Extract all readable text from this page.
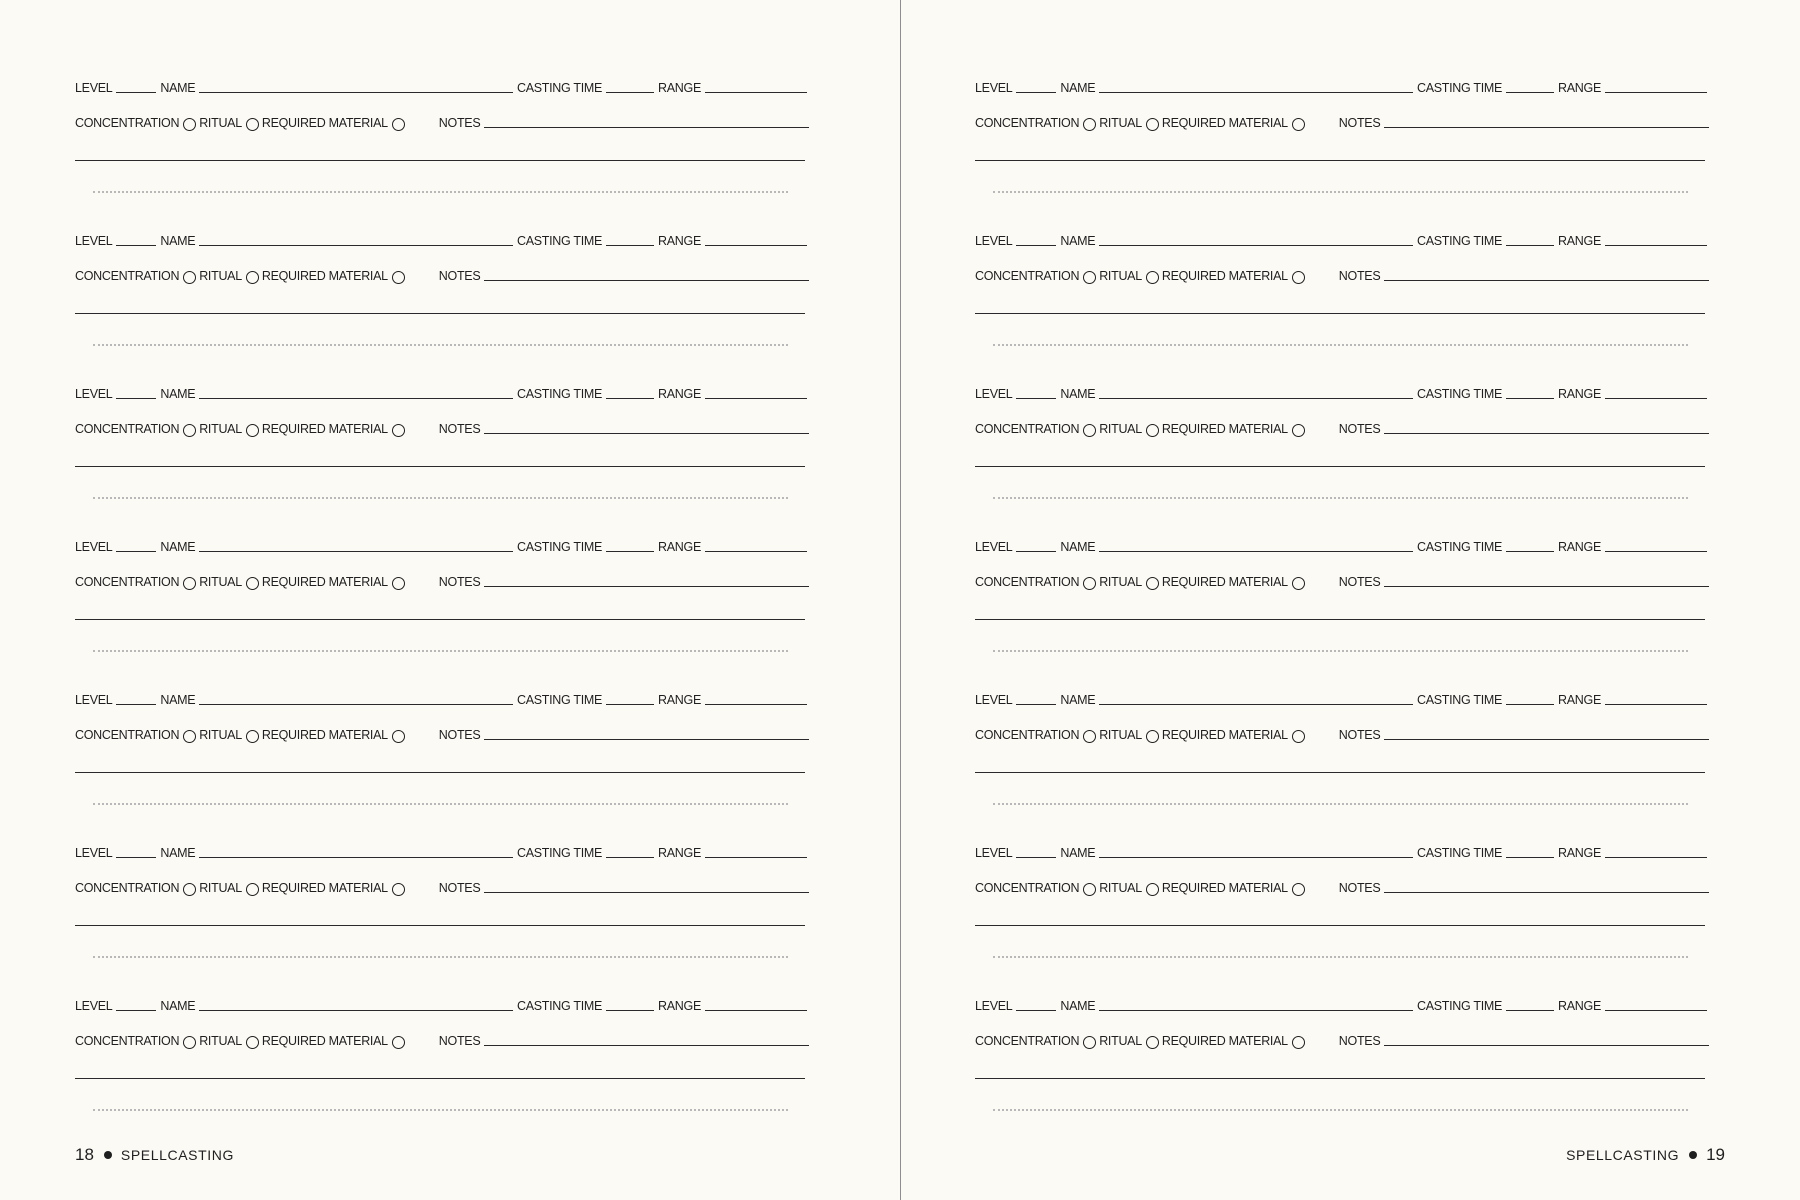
LEVEL	NAME	CASTING TIME	RANGE
CONCENTRATION RITUAL REQUIRED MATERIAL	NOTES
LEVEL	NAME	CASTING TIME	RANGE
CONCENTRATION RITUAL REQUIRED MATERIAL	NOTES
LEVEL	NAME	CASTING TIME	RANGE
CONCENTRATION RITUAL REQUIRED MATERIAL	NOTES
LEVEL	NAME	CASTING TIME	RANGE
CONCENTRATION RITUAL REQUIRED MATERIAL	NOTES
LEVEL	NAME	CASTING TIME	RANGE
CONCENTRATION RITUAL REQUIRED MATERIAL	NOTES
LEVEL	NAME	CASTING TIME	RANGE
CONCENTRATION RITUAL REQUIRED MATERIAL	NOTES
LEVEL	NAME	CASTING TIME	RANGE
CONCENTRATION RITUAL REQUIRED MATERIAL	NOTES
18 SPELLCASTING
LEVEL	NAME	CASTING TIME	RANGE
CONCENTRATION RITUAL REQUIRED MATERIAL	NOTES
LEVEL	NAME	CASTING TIME	RANGE
CONCENTRATION RITUAL REQUIRED MATERIAL	NOTES
LEVEL	NAME	CASTING TIME	RANGE
CONCENTRATION RITUAL REQUIRED MATERIAL	NOTES
LEVEL	NAME	CASTING TIME	RANGE
CONCENTRATION RITUAL REQUIRED MATERIAL	NOTES
LEVEL	NAME	CASTING TIME	RANGE
CONCENTRATION RITUAL REQUIRED MATERIAL	NOTES
LEVEL	NAME	CASTING TIME	RANGE
CONCENTRATION RITUAL REQUIRED MATERIAL	NOTES
LEVEL	NAME	CASTING TIME	RANGE
CONCENTRATION RITUAL REQUIRED MATERIAL	NOTES
SPELLCASTING 19
